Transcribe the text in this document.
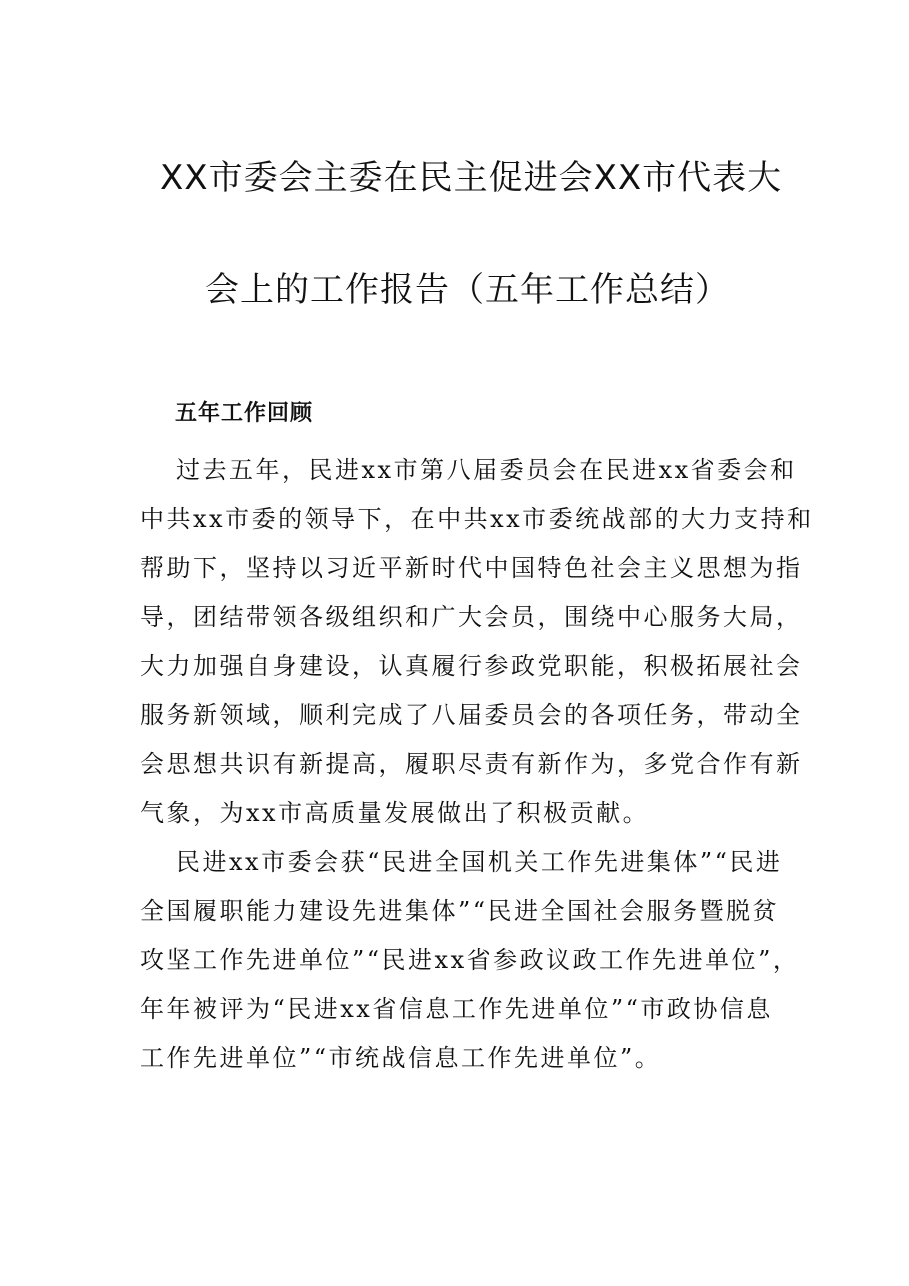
XX市委会主委在民主促进会XX市代表大
会上的工作报告（五年工作总结）
五年工作回顾
过去五年，民进xx市第八届委员会在民进xx省委会和
中共xx市委的领导下，在中共xx市委统战部的大力支持和
帮助下，坚持以习近平新时代中国特色社会主义思想为指
导，团结带领各级组织和广大会员，围绕中心服务大局，
大力加强自身建设，认真履行参政党职能，积极拓展社会
服务新领域，顺利完成了八届委员会的各项任务，带动全
会思想共识有新提高，履职尽责有新作为，多党合作有新
气象，为xx市高质量发展做出了积极贡献。
民进xx市委会获“民进全国机关工作先进集体”“民进
全国履职能力建设先进集体”“民进全国社会服务暨脱贫
攻坚工作先进单位”“民进xx省参政议政工作先进单位”，
年年被评为“民进xx省信息工作先进单位”“市政协信息
工作先进单位”“市统战信息工作先进单位”。
